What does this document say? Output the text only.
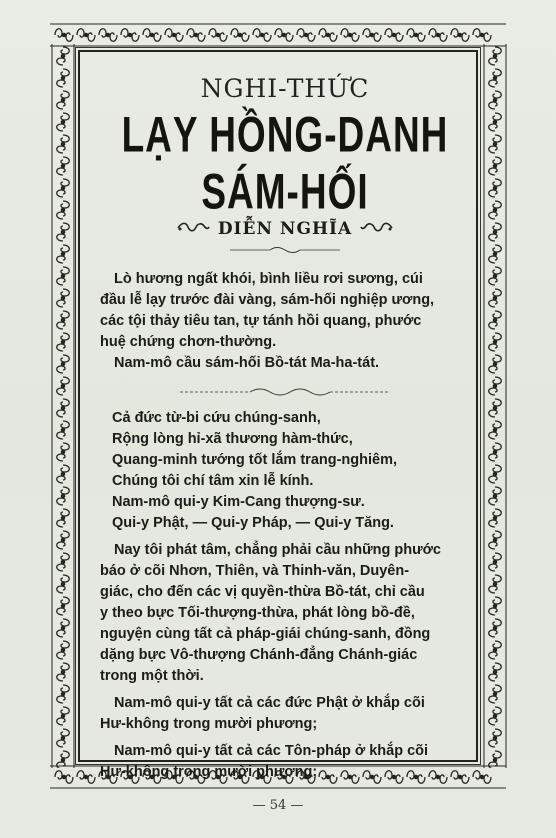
NGHI-THỨC
LẠY HỒNG-DANH SÁM-HỐI
DIỄN NGHĨA
Lò hương ngất khói, bình liều rơi sương, cúi
đầu lễ lạy trước đài vàng, sám-hối nghiệp ương,
các tội thảy tiêu tan, tự tánh hồi quang, phước
huệ chứng chơn-thường.
Nam-mô cầu sám-hối Bồ-tát Ma-ha-tát.
Cả đức từ-bi cứu chúng-sanh,
Rộng lòng hỉ-xã thương hàm-thức,
Quang-minh tướng tốt lắm trang-nghiêm,
Chúng tôi chí tâm xin lễ kính.
Nam-mô qui-y Kim-Cang thượng-sư.
Qui-y Phật, — Qui-y Pháp, — Qui-y Tăng.
Nay tôi phát tâm, chẳng phải cầu những phước
báo ở cõi Nhơn, Thiên, và Thinh-văn, Duyên-
giác, cho đến các vị quyền-thừa Bồ-tát, chỉ cầu
y theo bực Tối-thượng-thừa, phát lòng bồ-đề,
nguyện cùng tất cả pháp-giái chúng-sanh, đồng
dặng bực Vô-thượng Chánh-đẳng Chánh-giác
trong một thời.
Nam-mô qui-y tất cả các đức Phật ở khắp cõi
Hư-không trong mười phương;
Nam-mô qui-y tất cả các Tôn-pháp ở khắp cõi
Hư-không trong mười phương;
— 54 —
